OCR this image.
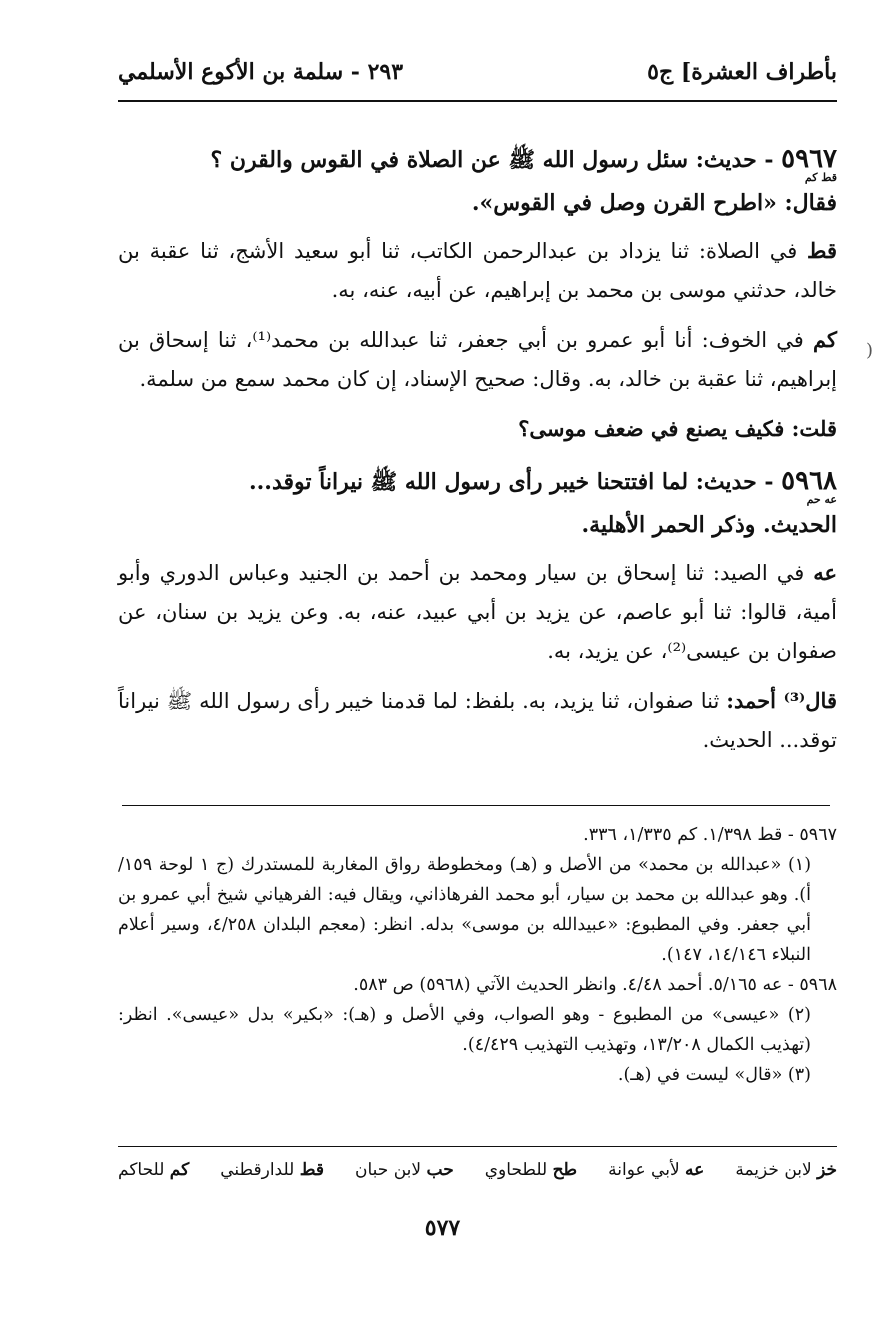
بأطراف العشرة] ج٥
٢٩٣ - سلمة بن الأكوع الأسلمي
(

٥٩٦٧ - حديث: سئل رسول الله ﷺ عن الصلاة في القوس والقرن ؟

قط كم

فقال: «اطرح القرن وصل في القوس».

قط في الصلاة: ثنا يزداد بن عبدالرحمن الكاتب، ثنا أبو سعيد الأشج، ثنا عقبة بن خالد، حدثني موسى بن محمد بن إبراهيم، عن أبيه، عنه، به.

كم في الخوف: أنا أبو عمرو بن أبي جعفر، ثنا عبدالله بن محمد⁽¹⁾، ثنا إسحاق بن إبراهيم، ثنا عقبة بن خالد، به. وقال: صحيح الإسناد، إن كان محمد سمع من سلمة.

قلت: فكيف يصنع في ضعف موسى؟

٥٩٦٨ - حديث: لما افتتحنا خيبر رأى رسول الله ﷺ نيراناً توقد...

عه حم

الحديث. وذكر الحمر الأهلية.

عه في الصيد: ثنا إسحاق بن سيار ومحمد بن أحمد بن الجنيد وعباس الدوري وأبو أمية، قالوا: ثنا أبو عاصم، عن يزيد بن أبي عبيد، عنه، به. وعن يزيد بن سنان، عن صفوان بن عيسى⁽²⁾، عن يزيد، به.

قال⁽³⁾ أحمد: ثنا صفوان، ثنا يزيد، به. بلفظ: لما قدمنا خيبر رأى رسول الله ﷺ نيراناً توقد... الحديث.

٥٩٦٧ - قط ١/٣٩٨. كم ١/٣٣٥، ٣٣٦.

(١) «عبدالله بن محمد» من الأصل و (هـ) ومخطوطة رواق المغاربة للمستدرك (ج ١ لوحة ١٥٩/أ). وهو عبدالله بن محمد بن سيار، أبو محمد الفرهاذاني، ويقال فيه: الفرهياني شيخ أبي عمرو بن أبي جعفر. وفي المطبوع: «عبيدالله بن موسى» بدله. انظر: (معجم البلدان ٤/٢٥٨، وسير أعلام النبلاء ١٤/١٤٦، ١٤٧).

٥٩٦٨ - عه ٥/١٦٥. أحمد ٤/٤٨. وانظر الحديث الآتي (٥٩٦٨) ص ٥٨٣.

(٢) «عيسى» من المطبوع - وهو الصواب، وفي الأصل و (هـ): «بكير» بدل «عيسى». انظر: (تهذيب الكمال ١٣/٢٠٨، وتهذيب التهذيب ٤/٤٢٩).

(٣) «قال» ليست في (هـ).

خز لابن خزيمة
عه لأبي عوانة
طح للطحاوي
حب لابن حبان
قط للدارقطني
كم للحاكم
٥٧٧
